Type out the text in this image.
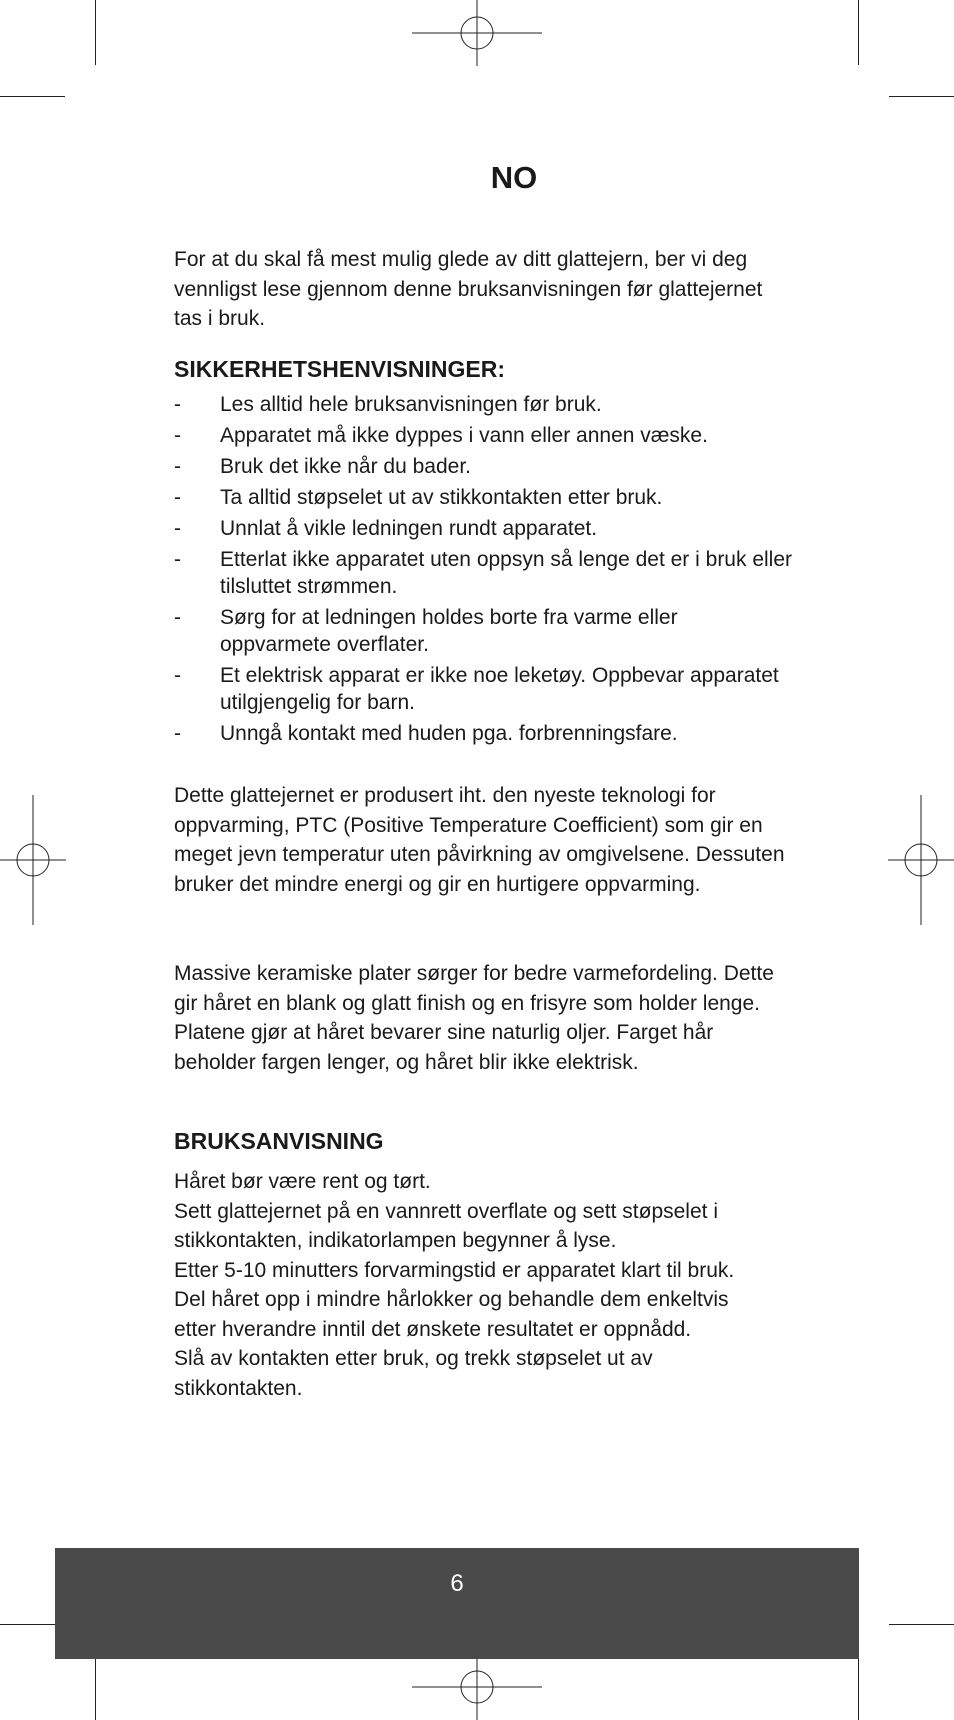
NO

For at du skal få mest mulig glede av ditt glattejern, ber vi deg vennligst lese gjennom denne bruksanvisningen før glattejernet tas i bruk.

SIKKERHETSHENVISNINGER:
- Les alltid hele bruksanvisningen før bruk.
- Apparatet må ikke dyppes i vann eller annen væske.
- Bruk det ikke når du bader.
- Ta alltid støpselet ut av stikkontakten etter bruk.
- Unnlat å vikle ledningen rundt apparatet.
- Etterlat ikke apparatet uten oppsyn så lenge det er i bruk eller tilsluttet strømmen.
- Sørg for at ledningen holdes borte fra varme eller oppvarmete overflater.
- Et elektrisk apparat er ikke noe leketøy. Oppbevar apparatet utilgjengelig for barn.
- Unngå kontakt med huden pga. forbrenningsfare.

Dette glattejernet er produsert iht. den nyeste teknologi for oppvarming, PTC (Positive Temperature Coefficient) som gir en meget jevn temperatur uten påvirkning av omgivelsene. Dessuten bruker det mindre energi og gir en hurtigere oppvarming.

Massive keramiske plater sørger for bedre varmefordeling. Dette gir håret en blank og glatt finish og en frisyre som holder lenge. Platene gjør at håret bevarer sine naturlig oljer. Farget hår beholder fargen lenger, og håret blir ikke elektrisk.

BRUKSANVISNING
Håret bør være rent og tørt.
Sett glattejernet på en vannrett overflate og sett støpselet i
stikkontakten, indikatorlampen begynner å lyse.
Etter 5-10 minutters forvarmingstid er apparatet klart til bruk.
Del håret opp i mindre hårlokker og behandle dem enkeltvis
etter hverandre inntil det ønskete resultatet er oppnådd.
Slå av kontakten etter bruk, og trekk støpselet ut av
stikkontakten.
6
